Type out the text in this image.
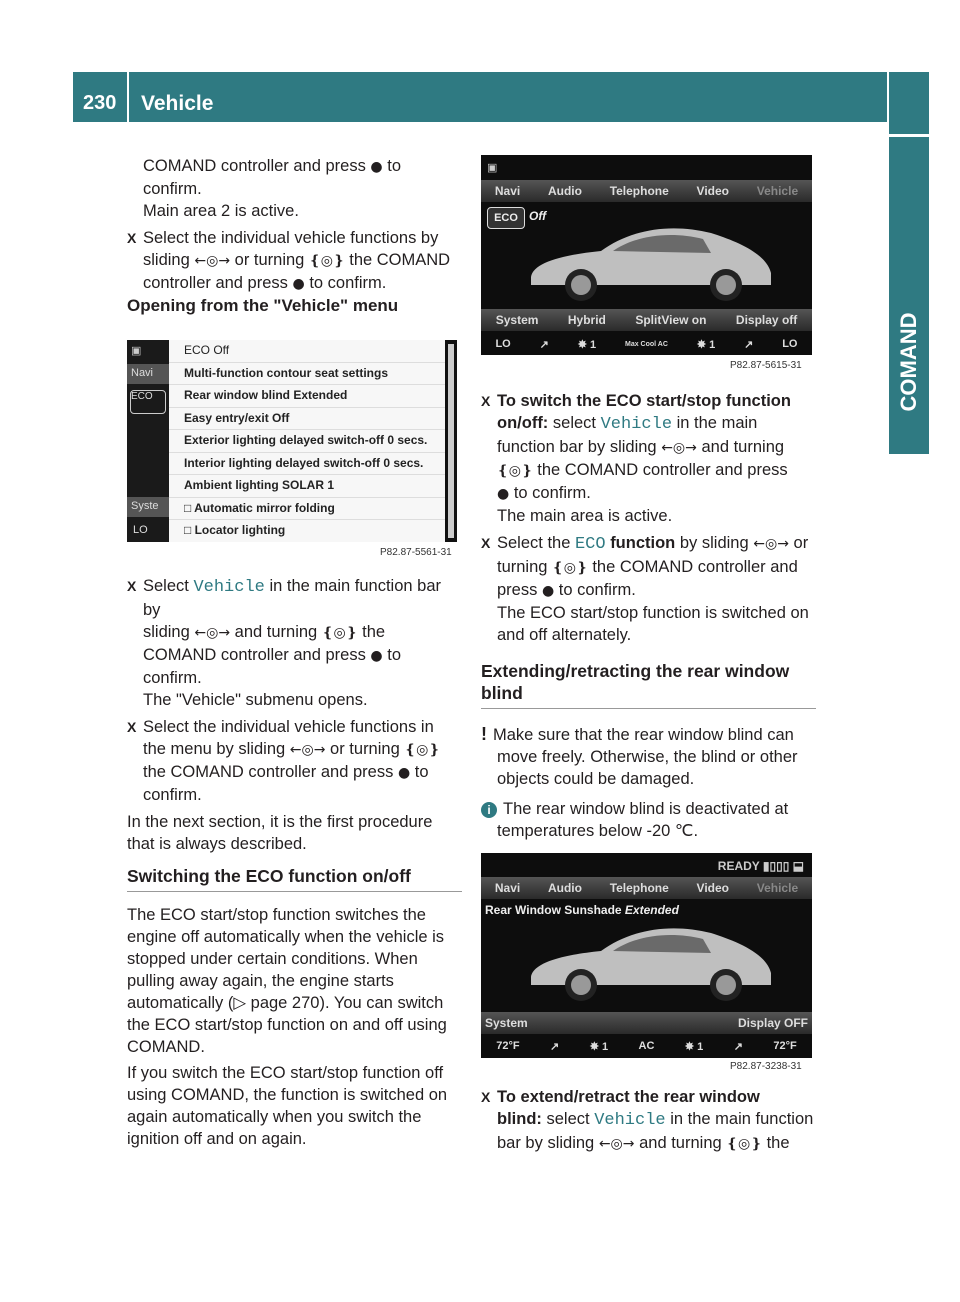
230 Vehicle
COMAND

COMAND controller and press ● to

confirm.

Main area 2 is active.

X Select the individual vehicle functions by

sliding ←◎→ or turning ❴◎❵ the COMAND

controller and press ● to confirm.

Opening from the "Vehicle" menu

▣
Navi
ECO
Syste
LO
ECO Off
Multi-function contour seat settings
Rear window blind Extended
Easy entry/exit Off
Exterior lighting delayed switch-off 0 secs.
Interior lighting delayed switch-off 0 secs.
Ambient lighting SOLAR 1
□ Automatic mirror folding
□ Locator lighting
P82.87-5561-31

X Select Vehicle in the main function bar by

sliding ←◎→ and turning ❴◎❵ the

COMAND controller and press ● to

confirm.

The "Vehicle" submenu opens.

X Select the individual vehicle functions in

the menu by sliding ←◎→ or turning ❴◎❵

the COMAND controller and press ● to

confirm.

In the next section, it is the first procedure

that is always described.

Switching the ECO function on/off

The ECO start/stop function switches the

engine off automatically when the vehicle is

stopped under certain conditions. When

pulling away again, the engine starts

automatically (▷ page 270). You can switch

the ECO start/stop function on and off using

COMAND.

If you switch the ECO start/stop function off

using COMAND, the function is switched on

again automatically when you switch the

ignition off and on again.

▣
Navi Audio Telephone Video Vehicle
ECO Off
System Hybrid SplitView on Display off
LO	↗	✸ 1	Max Cool AC	✸ 1	↗	LO
P82.87-5615-31

X To switch the ECO start/stop function

on/off: select Vehicle in the main

function bar by sliding ←◎→ and turning

❴◎❵ the COMAND controller and press

● to confirm.

The main area is active.

X Select the ECO function by sliding ←◎→ or

turning ❴◎❵ the COMAND controller and

press ● to confirm.

The ECO start/stop function is switched on

and off alternately.

Extending/retracting the rear window

blind

! Make sure that the rear window blind can

move freely. Otherwise, the blind or other

objects could be damaged.

i The rear window blind is deactivated at

temperatures below -20 ℃.

READY ▮▯▯▯ ⬓
Navi Audio Telephone Video Vehicle
Rear Window Sunshade Extended
System	Display OFF
72°F	↗	✸ 1	AC	✸ 1	↗	72°F
P82.87-3238-31

X To extend/retract the rear window

blind: select Vehicle in the main function

bar by sliding ←◎→ and turning ❴◎❵ the
